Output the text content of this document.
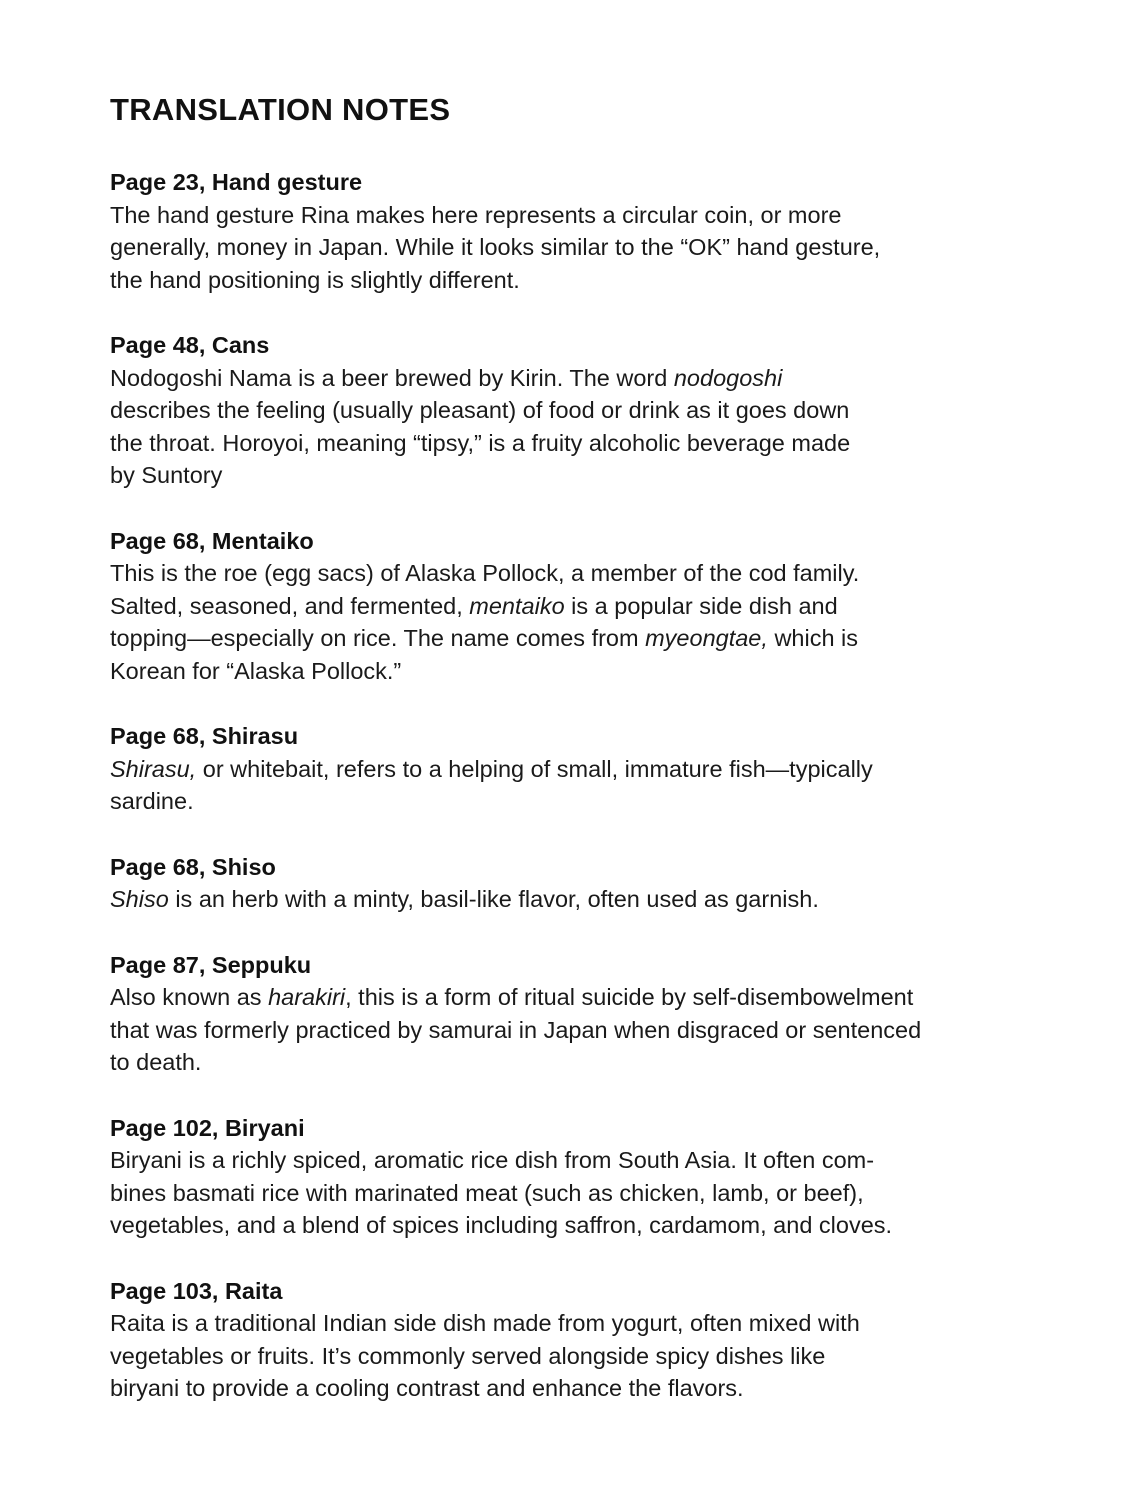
TRANSLATION NOTES
Page 23, Hand gesture

The hand gesture Rina makes here represents a circular coin, or more
generally, money in Japan. While it looks similar to the “OK” hand gesture,
the hand positioning is slightly different.

Page 48, Cans

Nodogoshi Nama is a beer brewed by Kirin. The word nodogoshi
describes the feeling (usually pleasant) of food or drink as it goes down
the throat. Horoyoi, meaning “tipsy,” is a fruity alcoholic beverage made
by Suntory

Page 68, Mentaiko

This is the roe (egg sacs) of Alaska Pollock, a member of the cod family.
Salted, seasoned, and fermented, mentaiko is a popular side dish and
topping—especially on rice. The name comes from myeongtae, which is
Korean for “Alaska Pollock.”

Page 68, Shirasu

Shirasu, or whitebait, refers to a helping of small, immature fish—typically
sardine.

Page 68, Shiso

Shiso is an herb with a minty, basil-like flavor, often used as garnish.

Page 87, Seppuku

Also known as harakiri, this is a form of ritual suicide by self-disembowelment
that was formerly practiced by samurai in Japan when disgraced or sentenced
to death.

Page 102, Biryani

Biryani is a richly spiced, aromatic rice dish from South Asia. It often com-
bines basmati rice with marinated meat (such as chicken, lamb, or beef),
vegetables, and a blend of spices including saffron, cardamom, and cloves.

Page 103, Raita

Raita is a traditional Indian side dish made from yogurt, often mixed with
vegetables or fruits. It’s commonly served alongside spicy dishes like
biryani to provide a cooling contrast and enhance the flavors.
